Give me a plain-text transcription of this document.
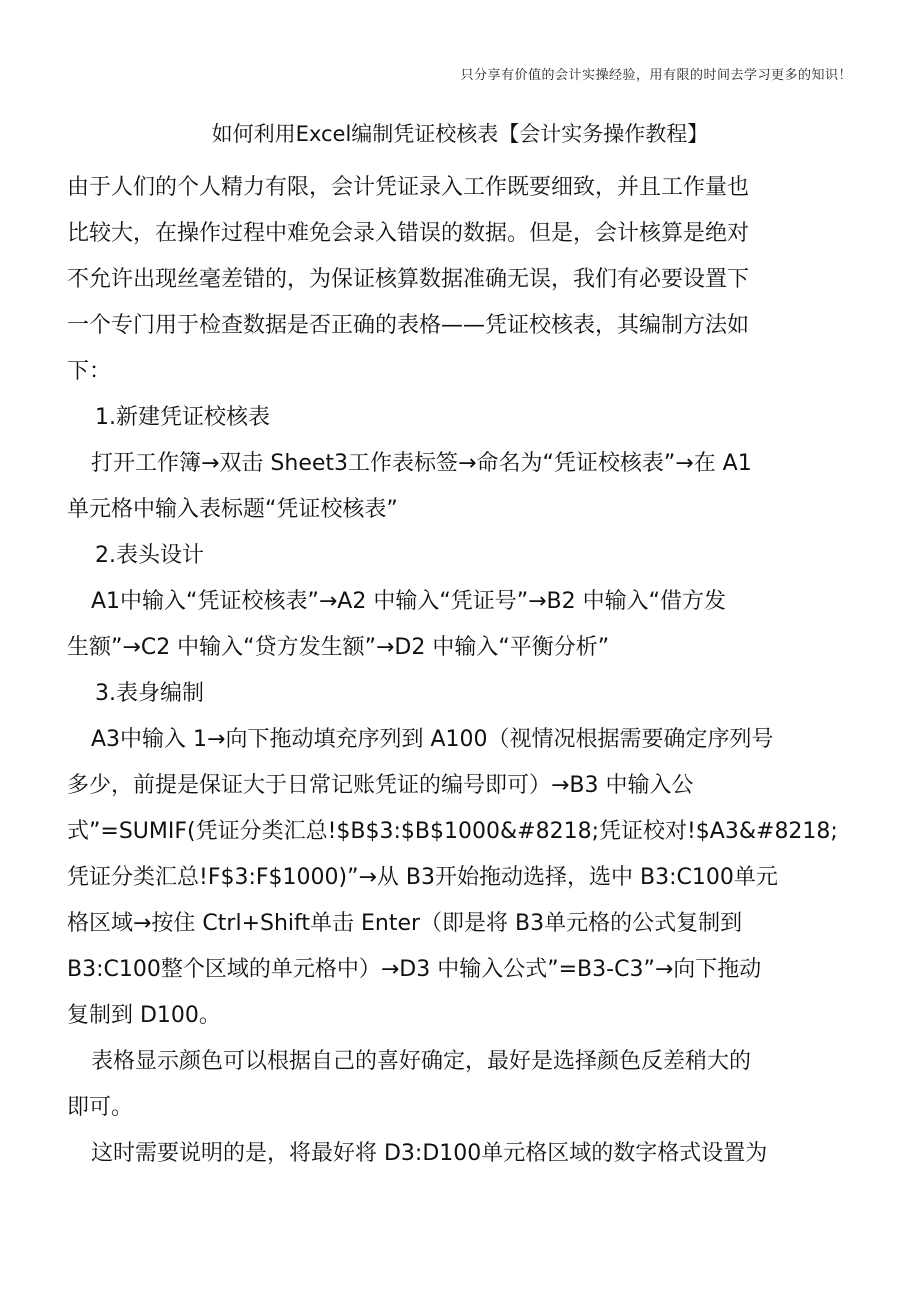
只分享有价值的会计实操经验，用有限的时间去学习更多的知识！
如何利用Excel编制凭证校核表【会计实务操作教程】
由于人们的个人精力有限，会计凭证录入工作既要细致，并且工作量也
比较大，在操作过程中难免会录入错误的数据。但是，会计核算是绝对
不允许出现丝毫差错的，为保证核算数据准确无误，我们有必要设置下
一个专门用于检查数据是否正确的表格——凭证校核表，其编制方法如
下：
1.新建凭证校核表
打开工作簿→双击 Sheet3工作表标签→命名为“凭证校核表”→在 A1
单元格中输入表标题“凭证校核表”
2.表头设计
A1中输入“凭证校核表”→A2 中输入“凭证号”→B2 中输入“借方发
生额”→C2 中输入“贷方发生额”→D2 中输入“平衡分析”
3.表身编制
A3中输入 1→向下拖动填充序列到 A100（视情况根据需要确定序列号
多少，前提是保证大于日常记账凭证的编号即可）→B3 中输入公
式”=SUMIF(凭证分类汇总!$B$3:$B$1000&#8218;凭证校对!$A3&#8218;
凭证分类汇总!F$3:F$1000)”→从 B3开始拖动选择，选中 B3:C100单元
格区域→按住 Ctrl+Shift单击 Enter（即是将 B3单元格的公式复制到
B3:C100整个区域的单元格中）→D3 中输入公式”=B3-C3”→向下拖动
复制到 D100。
表格显示颜色可以根据自己的喜好确定，最好是选择颜色反差稍大的
即可。
这时需要说明的是，将最好将 D3:D100单元格区域的数字格式设置为
